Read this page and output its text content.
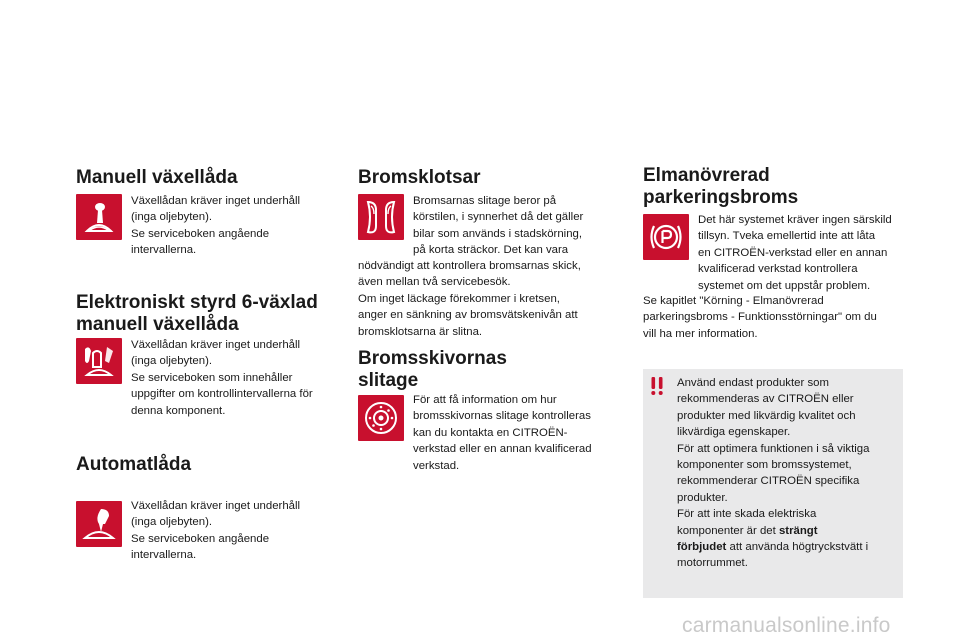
Manuell växellåda

Växellådan kräver inget underhåll
(inga oljebyten).
Se serviceboken angående
intervallerna.

Elektroniskt styrd 6-växlad
manuell växellåda

Växellådan kräver inget underhåll
(inga oljebyten).
Se serviceboken som innehåller
uppgifter om kontrollintervallerna för
denna komponent.

Automatlåda

Växellådan kräver inget underhåll
(inga oljebyten).
Se serviceboken angående
intervallerna.

Bromsklotsar

Bromsarnas slitage beror på
körstilen, i synnerhet då det gäller
bilar som används i stadskörning,
på korta sträckor. Det kan vara

nödvändigt att kontrollera bromsarnas skick,
även mellan två servicebesök.
Om inget läckage förekommer i kretsen,
anger en sänkning av bromsvätskenivån att
bromsklotsarna är slitna.

Bromsskivornas
slitage

För att få information om hur
bromsskivornas slitage kontrolleras
kan du kontakta en CITROËN-
verkstad eller en annan kvalificerad
verkstad.

Elmanövrerad
parkeringsbroms

Det här systemet kräver ingen särskild
tillsyn. Tveka emellertid inte att låta
en CITROËN-verkstad eller en annan
kvalificerad verkstad kontrollera
systemet om det uppstår problem.

Se kapitlet "Körning - Elmanövrerad
parkeringsbroms - Funktionsstörningar" om du
vill ha mer information.

Använd endast produkter som
rekommenderas av CITROËN eller
produkter med likvärdig kvalitet och
likvärdiga egenskaper.
För att optimera funktionen i så viktiga
komponenter som bromssystemet,
rekommenderar CITROËN specifika
produkter.
För att inte skada elektriska
komponenter är det strängt
förbjudet att använda högtryckstvätt i
motorrummet.

carmanualsonline.info
